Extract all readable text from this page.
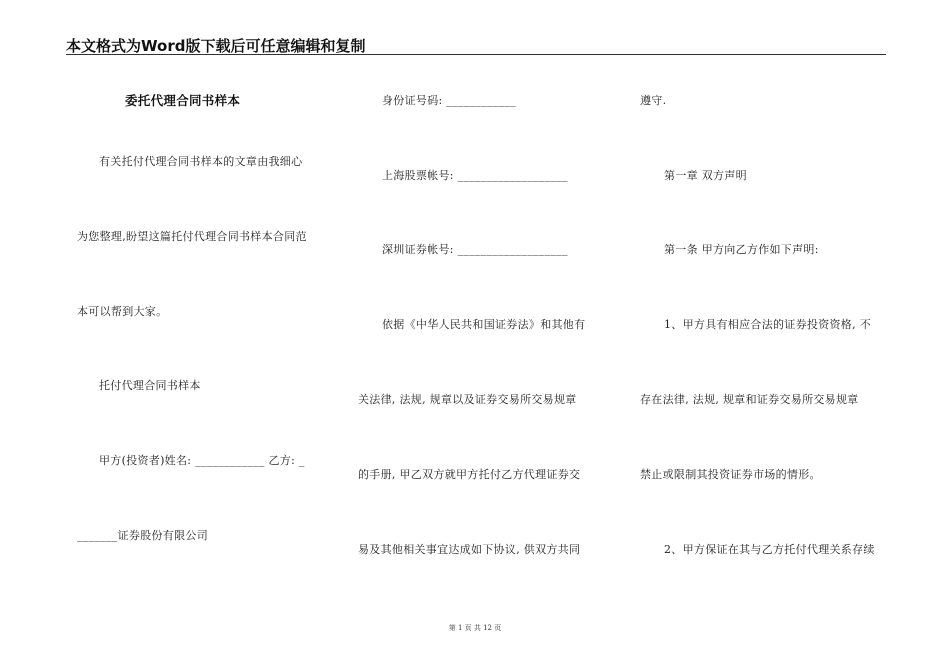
本文格式为Word版下载后可任意编辑和复制
委托代理合同书样本
有关托付代理合同书样本的文章由我细心
为您整理,盼望这篇托付代理合同书样本合同范
本可以帮到大家。
托付代理合同书样本
甲方(投资者)姓名: ____________ 乙方: _
_______证券股份有限公司
身份证号码: ____________
上海股票帐号: ___________________
深圳证券帐号: ___________________
依据《中华人民共和国证券法》和其他有
关法律, 法规, 规章以及证券交易所交易规章
的手册, 甲乙双方就甲方托付乙方代理证券交
易及其他相关事宜达成如下协议, 供双方共同
遵守.
第一章 双方声明
第一条 甲方向乙方作如下声明:
1、甲方具有相应合法的证券投资资格, 不
存在法律, 法规, 规章和证券交易所交易规章
禁止或限制其投资证券市场的情形。
2、甲方保证在其与乙方托付代理关系存续
第 1 页 共 12 页
